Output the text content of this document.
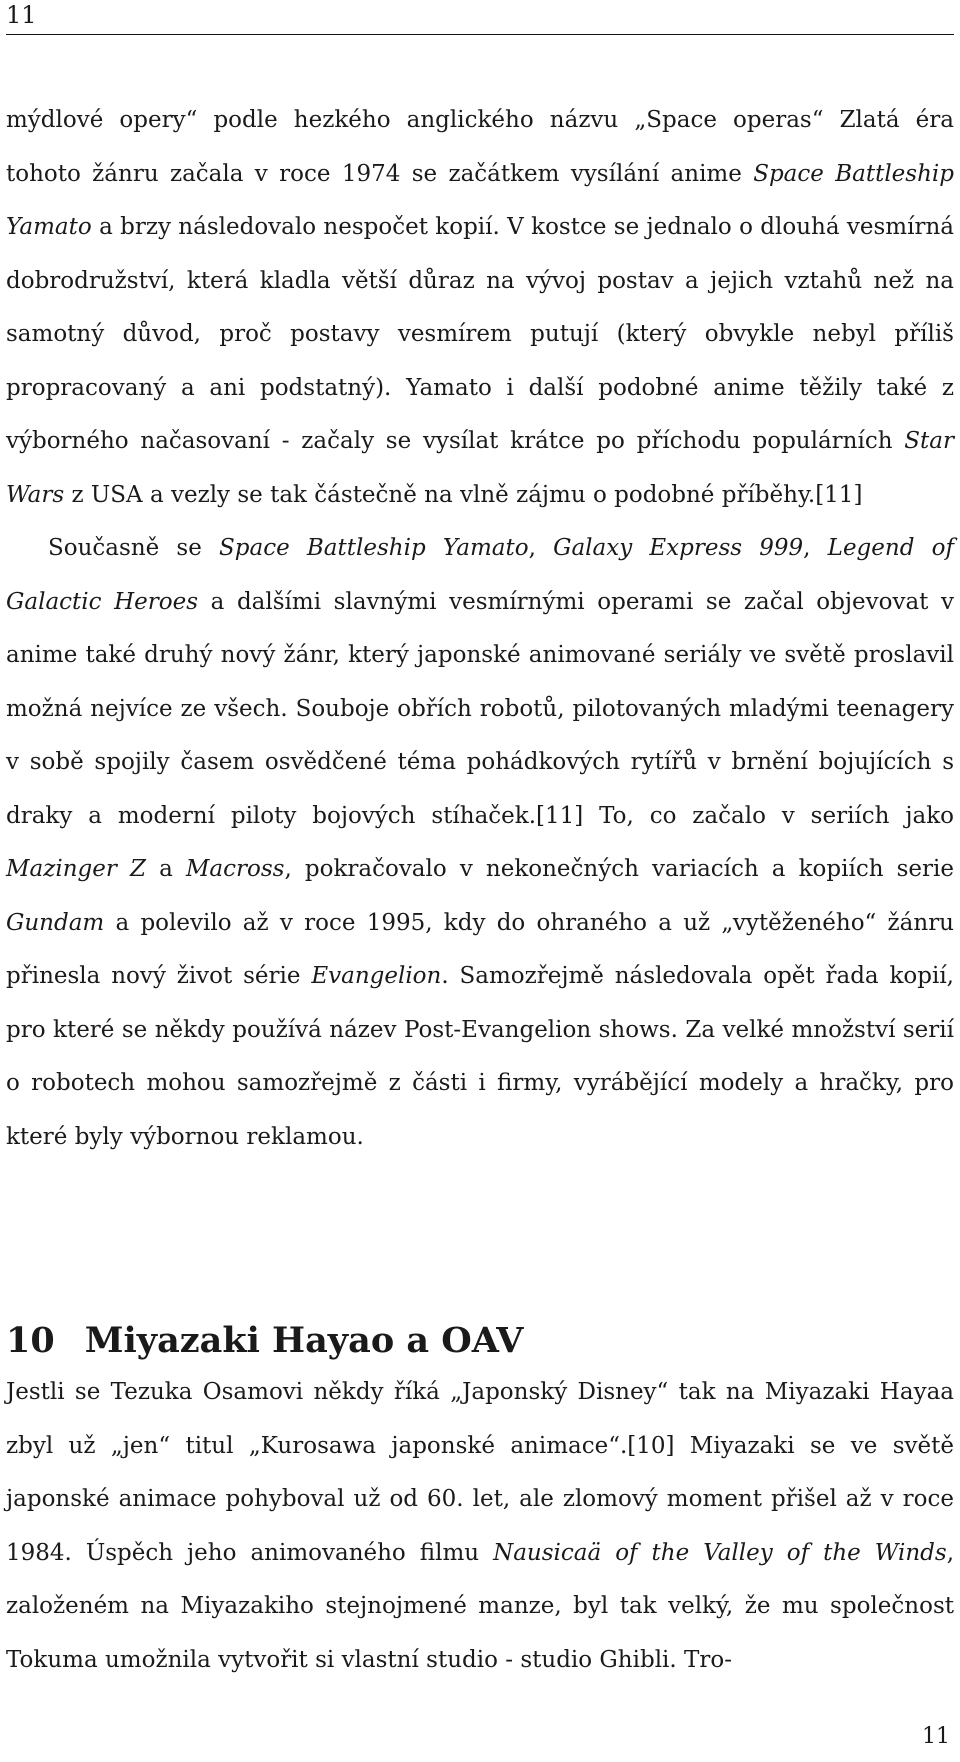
11

mýdlové opery“ podle hezkého anglického názvu „Space operas“ Zlatá éra tohoto žánru začala v roce 1974 se začátkem vysílání anime Space Battleship Yamato a brzy následovalo nespočet kopií. V kostce se jednalo o dlouhá vesmírná dobrodružství, která kladla větší důraz na vývoj postav a jejich vztahů než na samotný důvod, proč postavy vesmírem putují (který obvykle nebyl příliš propracovaný a ani podstatný). Yamato i další podobné anime těžily také z výborného načasovaní - začaly se vysílat krátce po příchodu populárních Star Wars z USA a vezly se tak částečně na vlně zájmu o podobné příběhy.[11]

Současně se Space Battleship Yamato, Galaxy Express 999, Legend of Galactic Heroes a dalšími slavnými vesmírnými operami se začal objevovat v anime také druhý nový žánr, který japonské animované seriály ve světě proslavil možná nejvíce ze všech. Souboje obřích robotů, pilotovaných mladými teenagery v sobě spojily časem osvědčené téma pohádkových rytířů v brnění bojujících s draky a moderní piloty bojových stíhaček.[11] To, co začalo v seriích jako Mazinger Z a Macross, pokračovalo v nekonečných variacích a kopiích serie Gundam a polevilo až v roce 1995, kdy do ohraného a už „vytěženého“ žánru přinesla nový život série Evangelion. Samozřejmě následovala opět řada kopií, pro které se někdy používá název Post-Evangelion shows. Za velké množství serií o robotech mohou samozřejmě z části i firmy, vyrábějící modely a hračky, pro které byly výbornou reklamou.

10 Miyazaki Hayao a OAV

Jestli se Tezuka Osamovi někdy říká „Japonský Disney“ tak na Miyazaki Hayaa zbyl už „jen“ titul „Kurosawa japonské animace“.[10] Miyazaki se ve světě japonské animace pohyboval už od 60. let, ale zlomový moment přišel až v roce 1984. Úspěch jeho animovaného filmu Nausicaä of the Valley of the Winds, založeném na Miyazakiho stejnojmené manze, byl tak velký, že mu společnost Tokuma umožnila vytvořit si vlastní studio - studio Ghibli. Tro-

11
